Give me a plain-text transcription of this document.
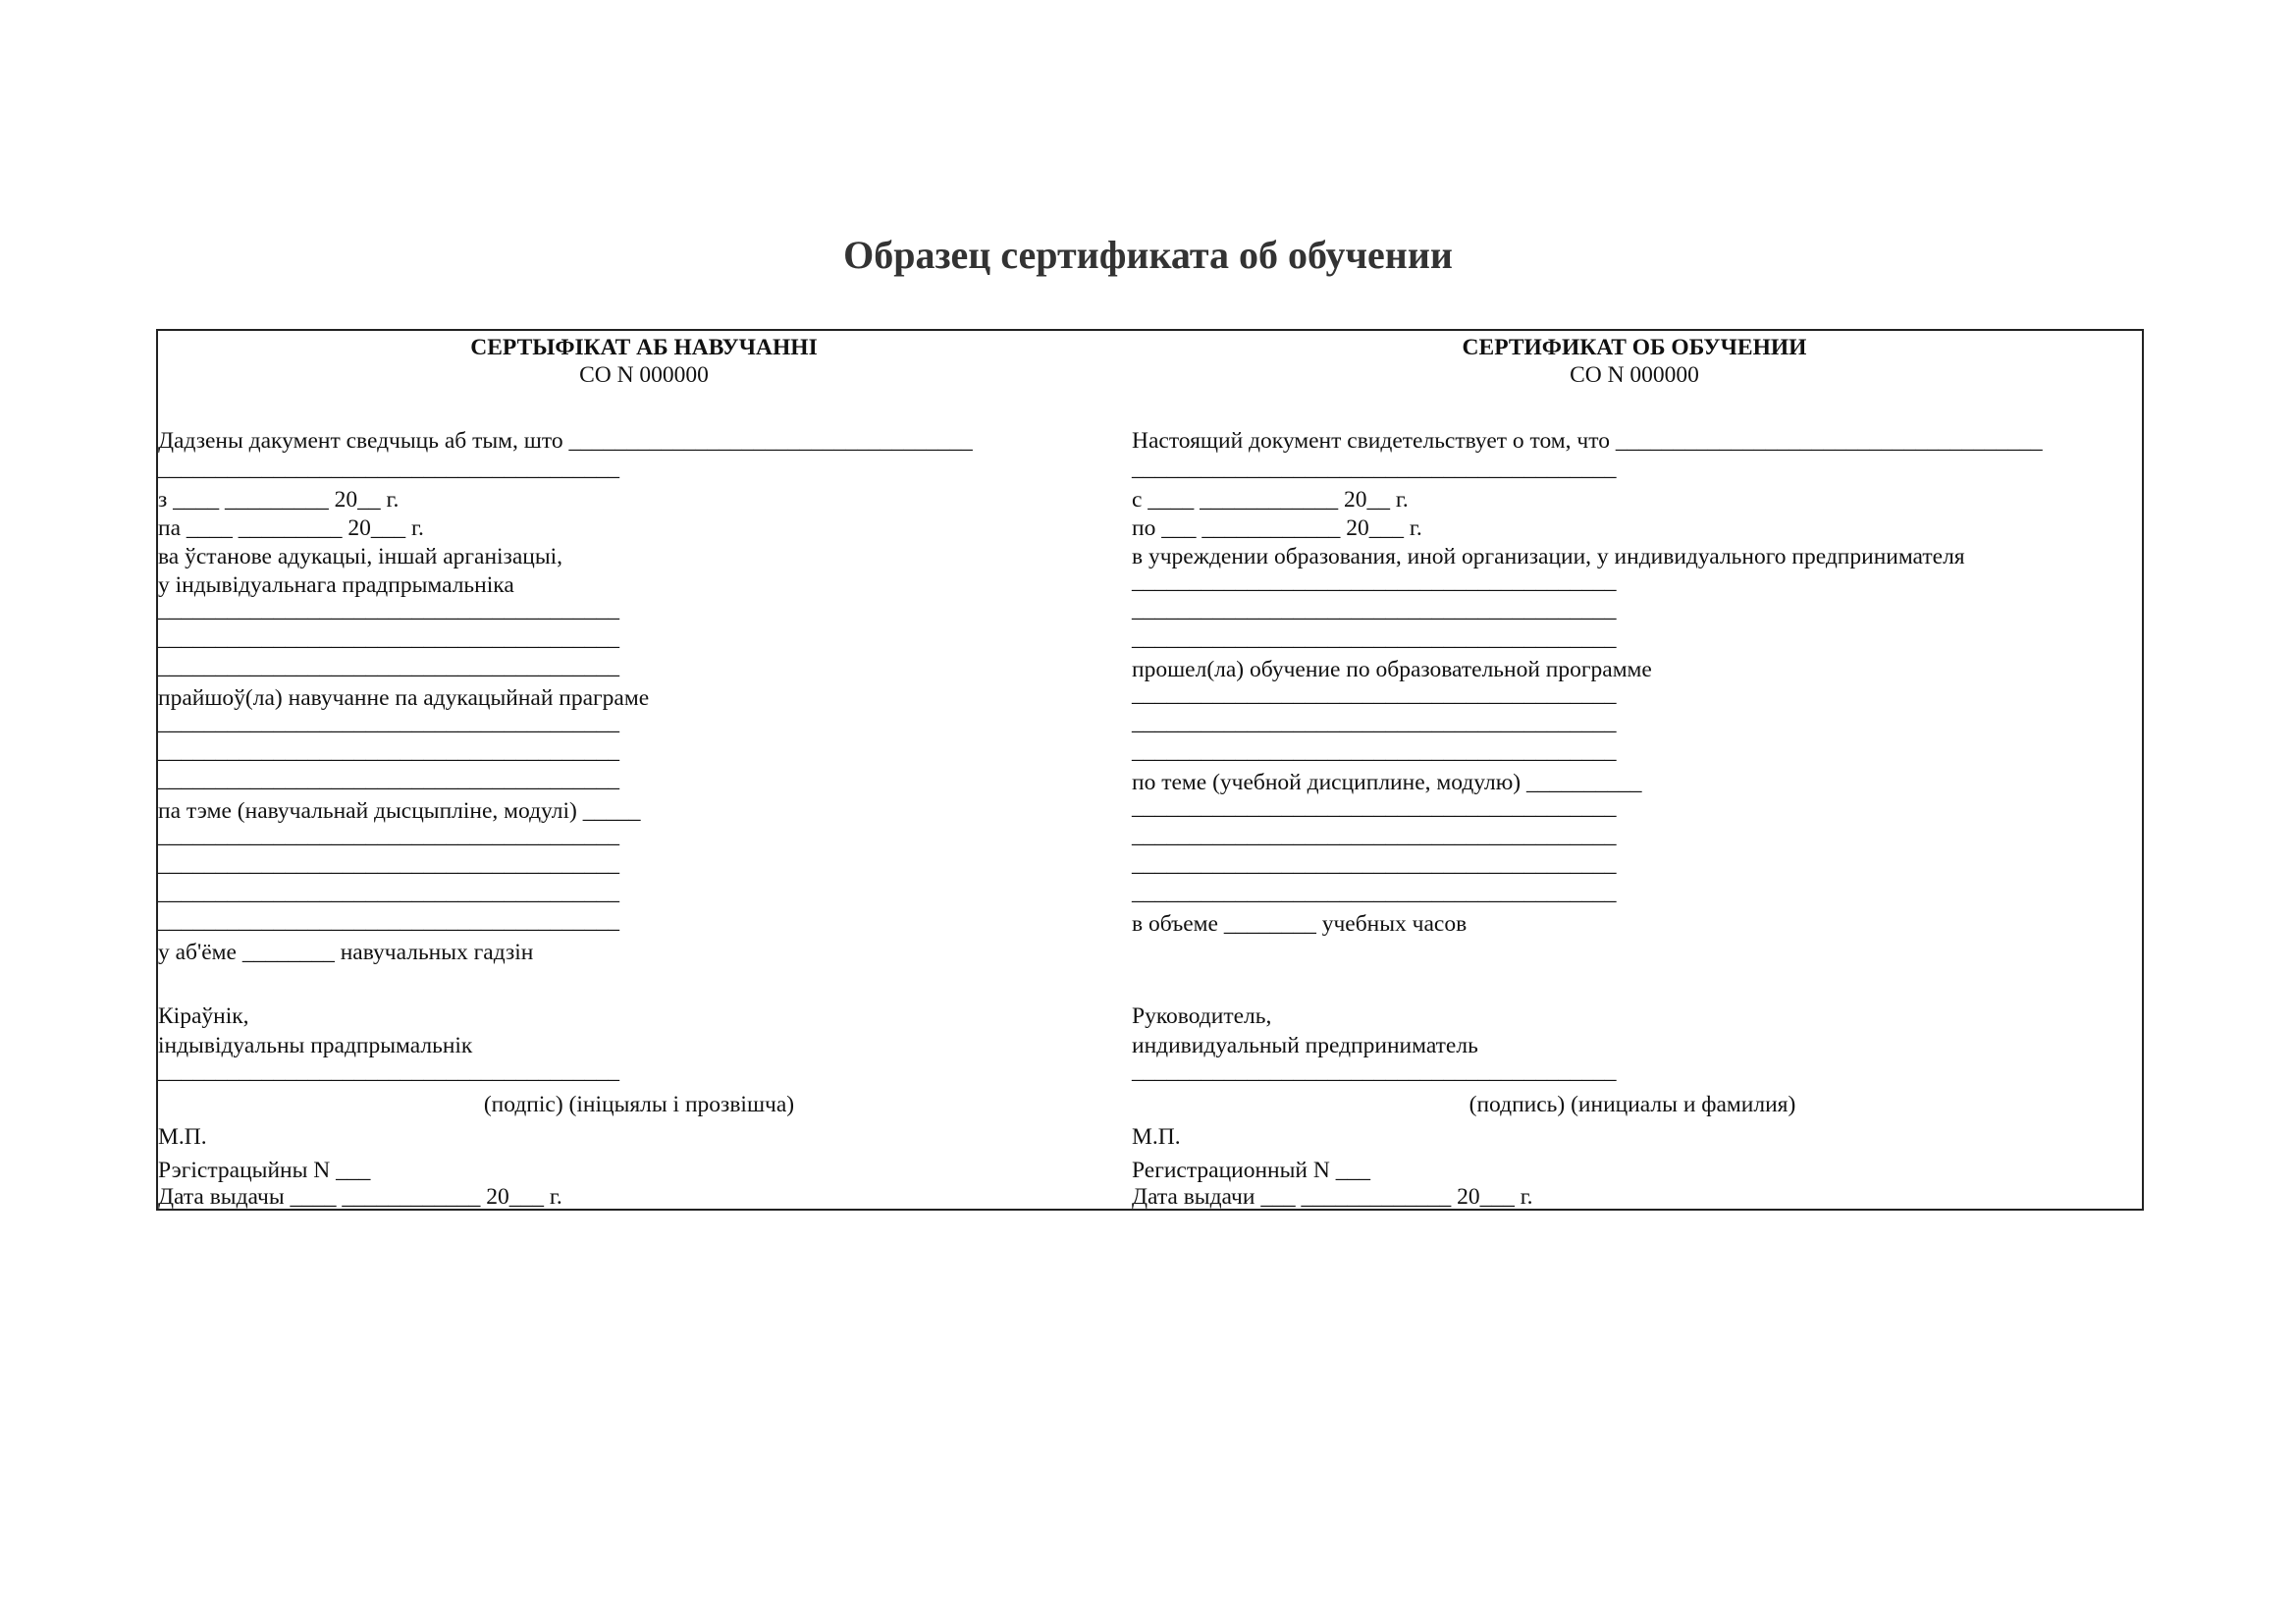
Образец сертификата об обучении

СЕРТЫФІКАТ АБ НАВУЧАННІ

СО N 000000

Дадзены дакумент сведчыць аб тым, што ___________________________________

________________________________________

з ____ _________ 20__ г.

па ____ _________ 20___ г.

ва ўстанове адукацыі, іншай арганізацыі,

у індывідуальнага прадпрымальніка

________________________________________

________________________________________

________________________________________

прайшоў(ла) навучанне па адукацыйнай праграме

________________________________________

________________________________________

________________________________________

па тэме (навучальнай дысцыпліне, модулі) _____

________________________________________

________________________________________

________________________________________

________________________________________

у аб'ёме ________ навучальных гадзін

Кіраўнік,

індывідуальны прадпрымальнік

________________________________________

(подпіс) (ініцыялы і прозвішча)

М.П.

Рэгістрацыйны N ___

Дата выдачы ____ ____________ 20___ г.

СЕРТИФИКАТ ОБ ОБУЧЕНИИ

СО N 000000

Настоящий документ свидетельствует о том, что _____________________________________

__________________________________________

с ____ ____________ 20__ г.

по ___ ____________ 20___ г.

в учреждении образования, иной организации, у индивидуального предпринимателя

__________________________________________

__________________________________________

__________________________________________

прошел(ла) обучение по образовательной программе

__________________________________________

__________________________________________

__________________________________________

по теме (учебной дисциплине, модулю) __________

__________________________________________

__________________________________________

__________________________________________

__________________________________________

в объеме ________ учебных часов

Руководитель,

индивидуальный предприниматель

__________________________________________

(подпись) (инициалы и фамилия)

М.П.

Регистрационный N ___

Дата выдачи ___ _____________ 20___ г.
